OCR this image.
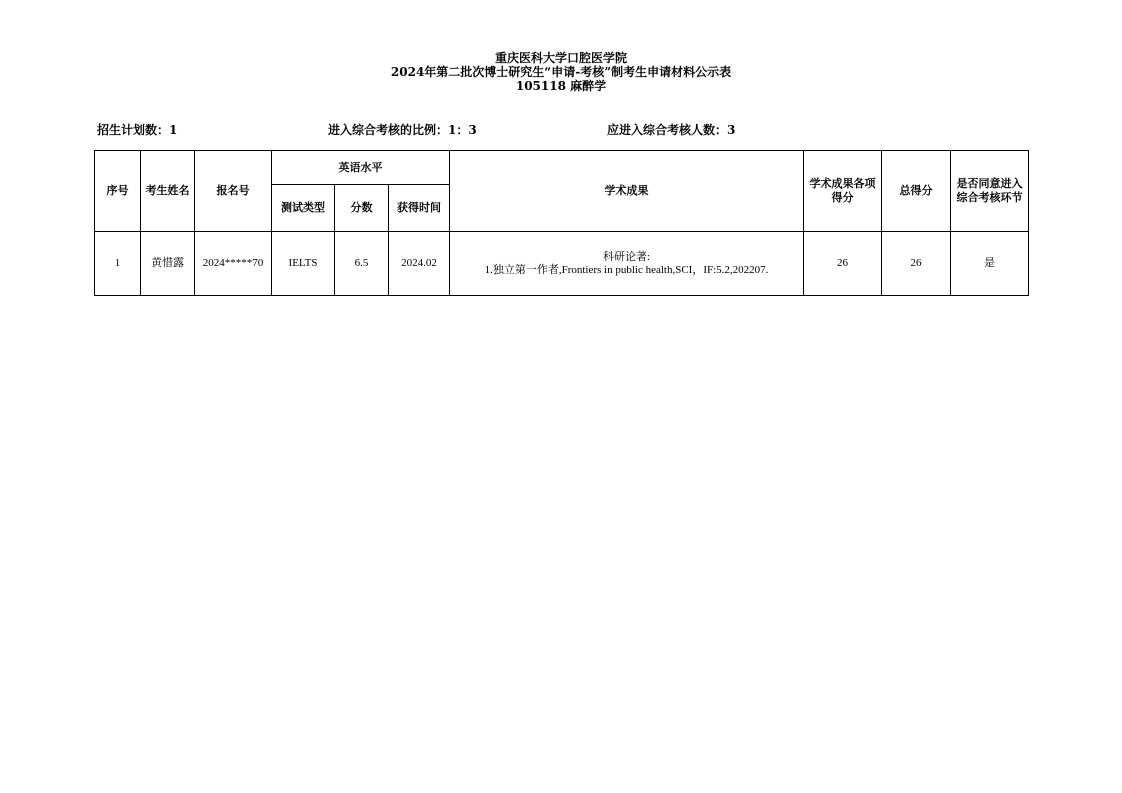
重庆医科大学口腔医学院
2024年第二批次博士研究生“申请-考核”制考生申请材料公示表
105118 麻醉学
招生计划数：1	进入综合考核的比例：1：3	应进入综合考核人数：3
序号	考生姓名	报名号	英语水平			学术成果	学术成果各项得分	总得分	是否同意进入综合考核环节
			测试类型	分数	获得时间				
1	黄惜露	2024*****70	IELTS	6.5	2024.02	科研论著:
1.独立第一作者,Frontiers in public health,SCI，IF:5.2,202207.	26	26	是
